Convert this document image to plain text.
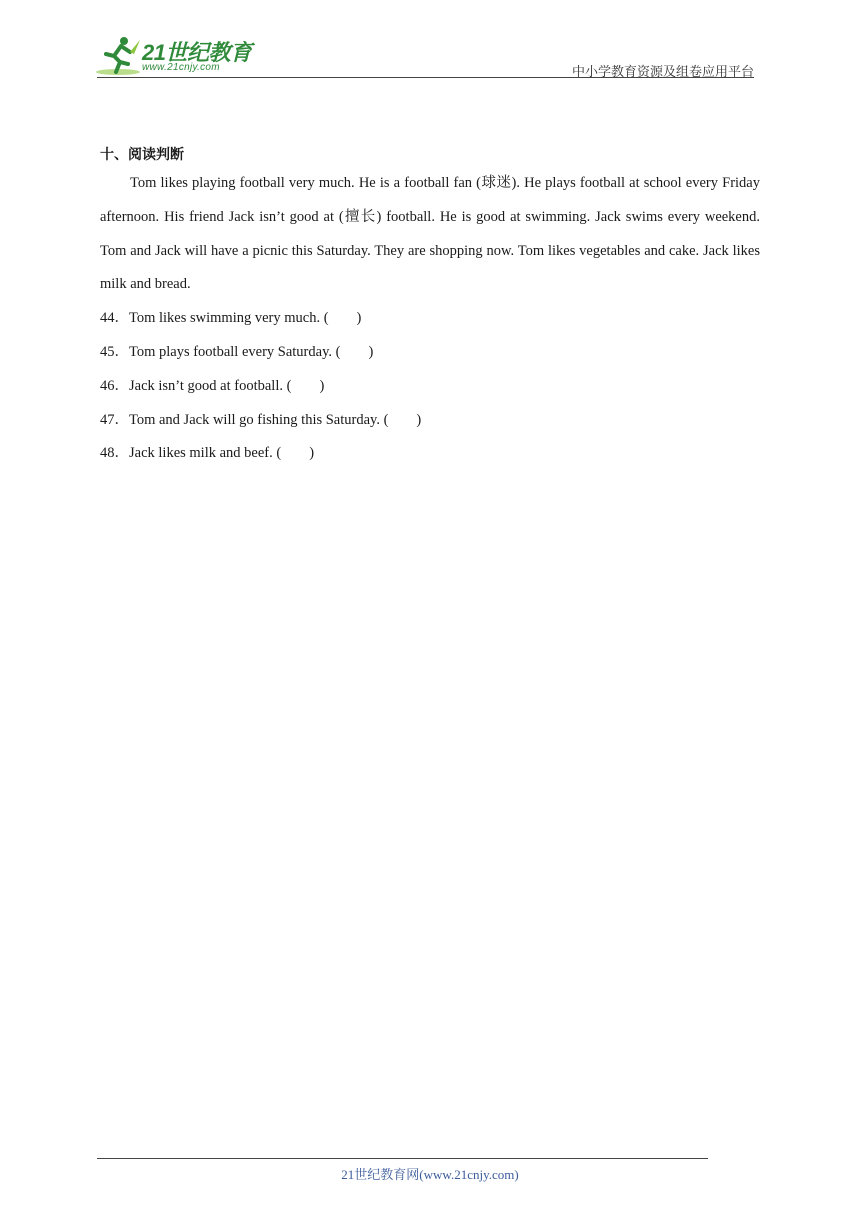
21世纪教育
www.21cnjy.com	中小学教育资源及组卷应用平台

十、阅读判断

Tom likes playing football very much. He is a football fan (球迷). He plays football at school every Friday afternoon. His friend Jack isn’t good at (擅长) football. He is good at swimming. Jack swims every weekend. Tom and Jack will have a picnic this Saturday. They are shopping now. Tom likes vegetables and cake. Jack likes milk and bread.

44．Tom likes swimming very much. ( )

45．Tom plays football every Saturday. ( )

46．Jack isn’t good at football. ( )

47．Tom and Jack will go fishing this Saturday. ( )

48．Jack likes milk and beef. ( )

21世纪教育网(www.21cnjy.com)
